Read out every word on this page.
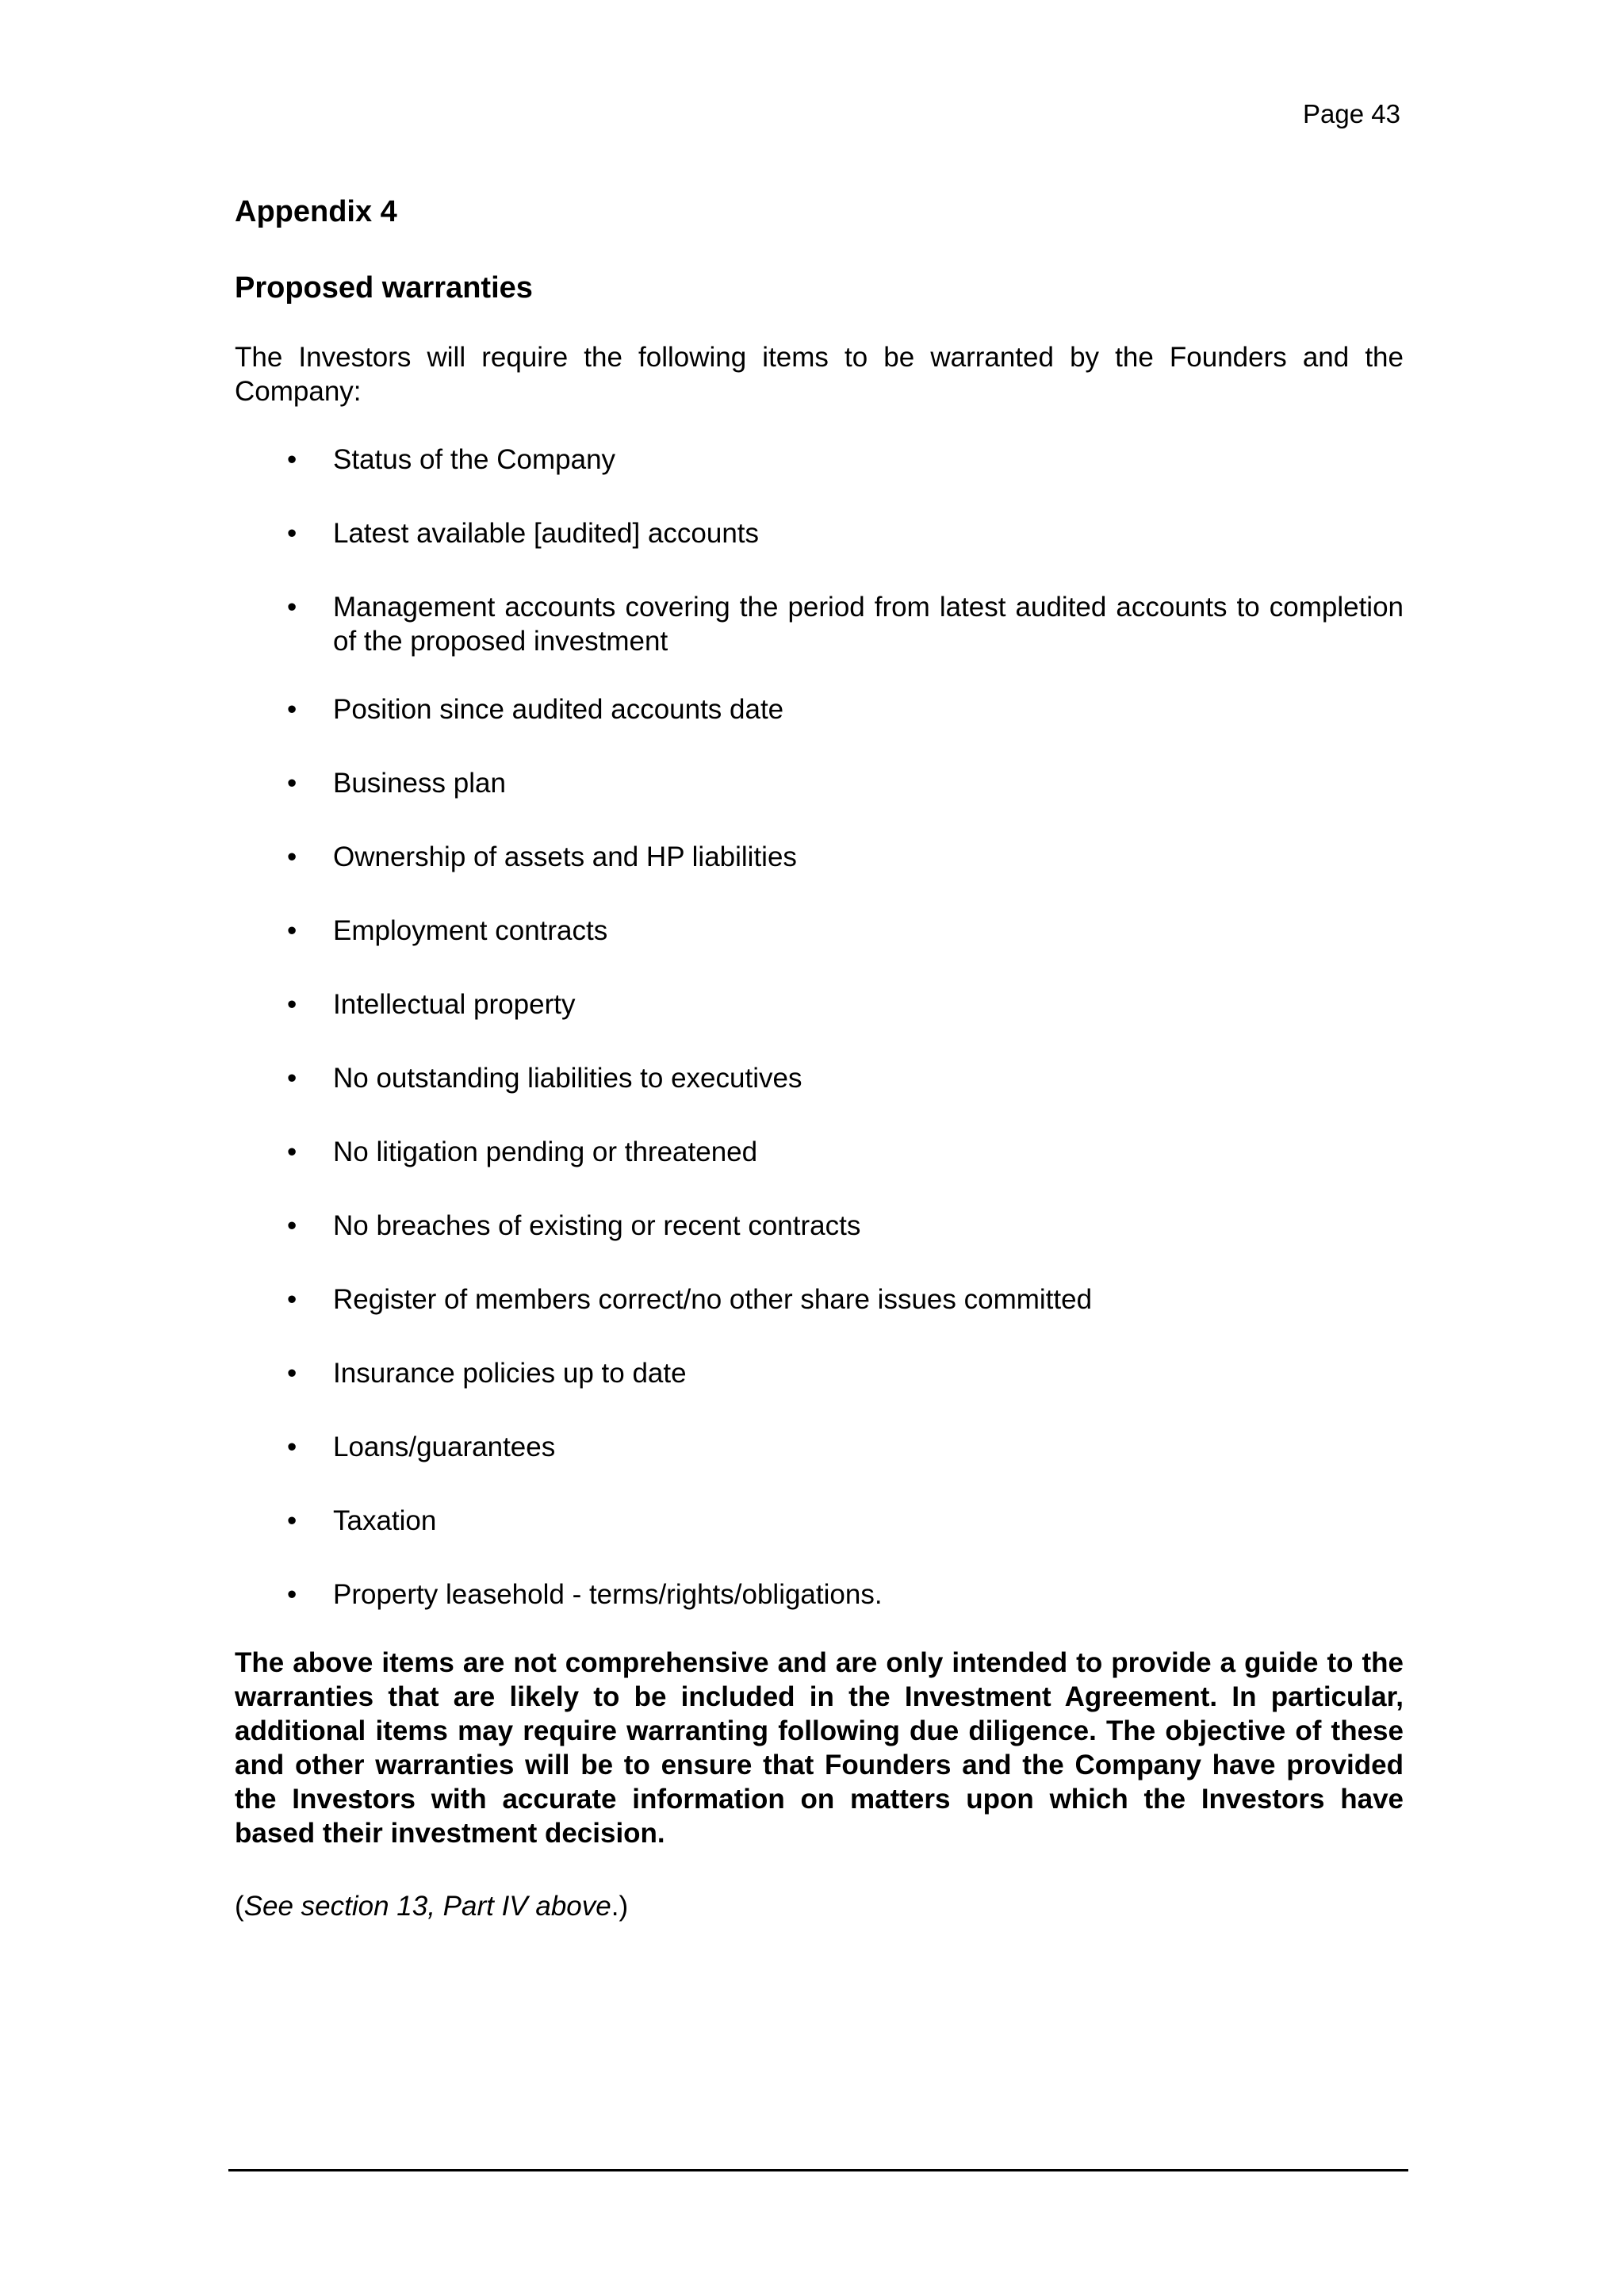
Page 43
Appendix 4
Proposed warranties

The Investors will require the following items to be warranted by the Founders and the Company:

• Status of the Company
• Latest available [audited] accounts
• Management accounts covering the period from latest audited accounts to completion of the proposed investment
• Position since audited accounts date
• Business plan
• Ownership of assets and HP liabilities
• Employment contracts
• Intellectual property
• No outstanding liabilities to executives
• No litigation pending or threatened
• No breaches of existing or recent contracts
• Register of members correct/no other share issues committed
• Insurance policies up to date
• Loans/guarantees
• Taxation
• Property leasehold - terms/rights/obligations.

The above items are not comprehensive and are only intended to provide a guide to the warranties that are likely to be included in the Investment Agreement. In particular, additional items may require warranting following due diligence. The objective of these and other warranties will be to ensure that Founders and the Company have provided the Investors with accurate information on matters upon which the Investors have based their investment decision.

(See section 13, Part IV above.)
